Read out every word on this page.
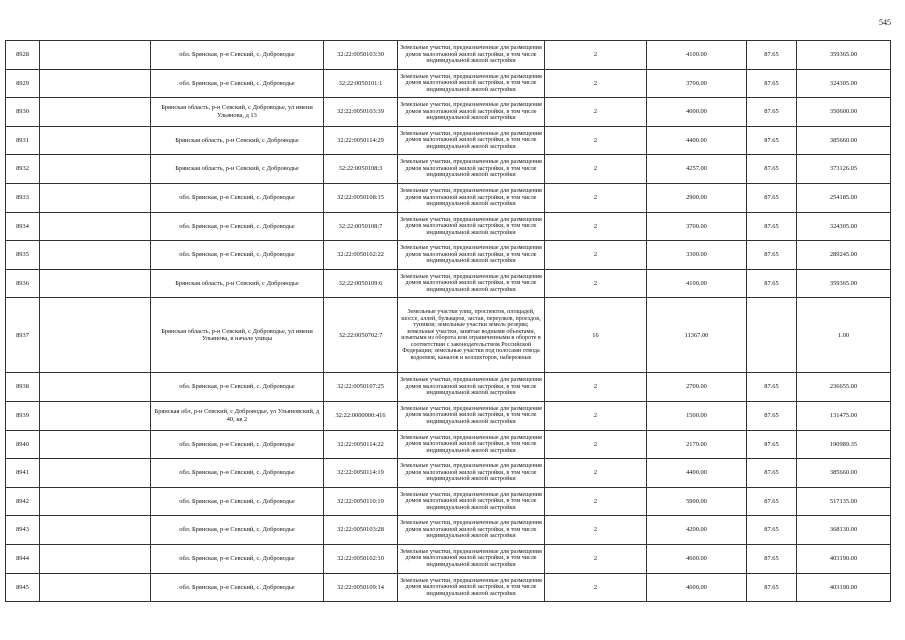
545
8928		обл. Брянская, р-н Севский, с. Доброводье	32:22:0050103:30	Земельные участки, предназначенные для размещения домов малоэтажной жилой застройки, в том числе индивидуальной жилой застройки	2	4100.00	87.65	359365.00
8929		обл. Брянская, р-н Севский, с. Доброводье	32:22:0050101:1	Земельные участки, предназначенные для размещения домов малоэтажной жилой застройки, в том числе индивидуальной жилой застройки	2	3700.00	87.65	324305.00
8930		Брянская область, р-н Севский, с Доброводье, ул имени Ульянова, д 13	32:22:0050103:39	Земельные участки, предназначенные для размещения домов малоэтажной жилой застройки, в том числе индивидуальной жилой застройки	2	4000.00	87.65	350600.00
8931		Брянская область, р-н Севский, с Доброводье	32:22:0050114:29	Земельные участки, предназначенные для размещения домов малоэтажной жилой застройки, в том числе индивидуальной жилой застройки	2	4400.00	87.65	385660.00
8932		Брянская область, р-н Севский, с Доброводье	32:22:0050108:3	Земельные участки, предназначенные для размещения домов малоэтажной жилой застройки, в том числе индивидуальной жилой застройки	2	4257.00	87.65	373126.05
8933		обл. Брянская, р-н Севский, с. Доброводье	32:22:0050108:15	Земельные участки, предназначенные для размещения домов малоэтажной жилой застройки, в том числе индивидуальной жилой застройки	2	2900.00	87.65	254185.00
8934		обл. Брянская, р-н Севский, с. Доброводье	32:22:0050108:7	Земельные участки, предназначенные для размещения домов малоэтажной жилой застройки, в том числе индивидуальной жилой застройки	2	3700.00	87.65	324305.00
8935		обл. Брянская, р-н Севский, с. Доброводье	32:22:0050102:22	Земельные участки, предназначенные для размещения домов малоэтажной жилой застройки, в том числе индивидуальной жилой застройки	2	3300.00	87.65	289245.00
8936		Брянская область, р-н Севский, с Доброводье	32:22:0050109:6	Земельные участки, предназначенные для размещения домов малоэтажной жилой застройки, в том числе индивидуальной жилой застройки	2	4100.00	87.65	359365.00
8937		Брянская область, р-н Севский, с Доброводье, ул имени Ульянова, в начале улицы	32:22:0050702:7	Земельные участки улиц, проспектов, площадей, шоссе, аллей, бульваров, застав, переулков, проездов, тупиков; земельные участки земель резерва; земельные участки, занятые водными объектами, изъятыми из оборота или ограниченными в обороте в соответствии с законодательством Российской Федерации; земельные участки под полосами отвода водоемов, каналов и коллекторов, набережные	16	11367.00		1.00
8938		обл. Брянская, р-н Севский, с. Доброводье	32:22:0050107:25	Земельные участки, предназначенные для размещения домов малоэтажной жилой застройки, в том числе индивидуальной жилой застройки	2	2700.00	87.65	236655.00
8939		Брянская обл, р-н Севский, с Доброводье, ул Ульяновский, д 40, кв 2	32:22:0000000:416	Земельные участки, предназначенные для размещения домов малоэтажной жилой застройки, в том числе индивидуальной жилой застройки	2	1500.00	87.65	131475.00
8940		обл. Брянская, р-н Севский, с. Доброводье	32:22:0050114:22	Земельные участки, предназначенные для размещения домов малоэтажной жилой застройки, в том числе индивидуальной жилой застройки	2	2179.00	87.65	190989.35
8941		обл. Брянская, р-н Севский, с. Доброводье	32:22:0050114:19	Земельные участки, предназначенные для размещения домов малоэтажной жилой застройки, в том числе индивидуальной жилой застройки	2	4400.00	87.65	385660.00
8942		обл. Брянская, р-н Севский, с. Доброводье	32:22:0050110:19	Земельные участки, предназначенные для размещения домов малоэтажной жилой застройки, в том числе индивидуальной жилой застройки	2	5900.00	87.65	517135.00
8943		обл. Брянская, р-н Севский, с. Доброводье	32:22:0050103:28	Земельные участки, предназначенные для размещения домов малоэтажной жилой застройки, в том числе индивидуальной жилой застройки	2	4200.00	87.65	368130.00
8944		обл. Брянская, р-н Севский, с. Доброводье	32:22:0050102:10	Земельные участки, предназначенные для размещения домов малоэтажной жилой застройки, в том числе индивидуальной жилой застройки	2	4600.00	87.65	403190.00
8945		обл. Брянская, р-н Севский, с. Доброводье	32:22:0050109:14	Земельные участки, предназначенные для размещения домов малоэтажной жилой застройки, в том числе индивидуальной жилой застройки	2	4600.00	87.65	403190.00
